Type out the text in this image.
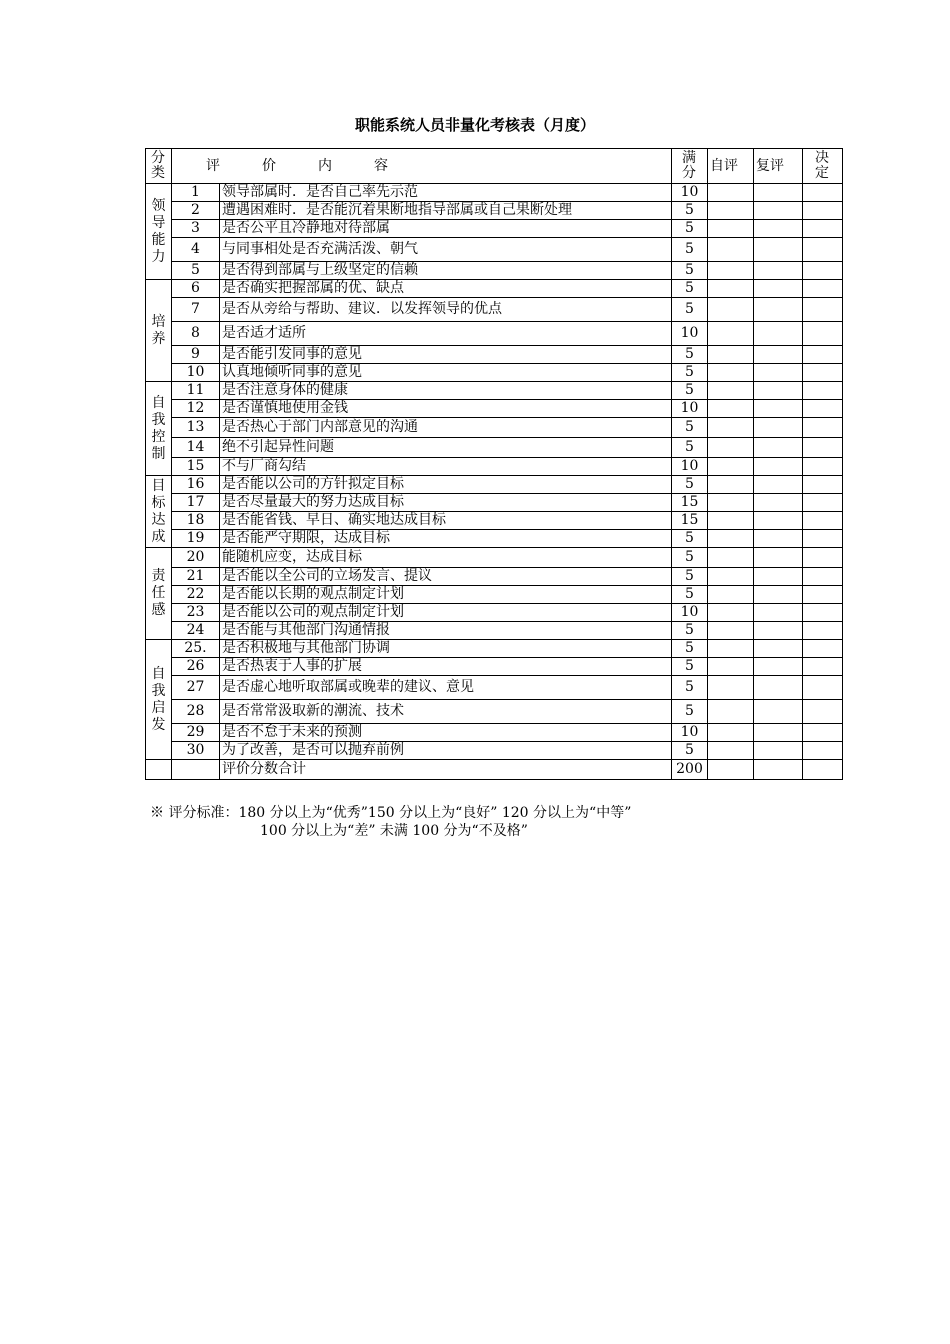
职能系统人员非量化考核表（月度）
分类	评　价　内　容		满分	自评	复评	决定

领导能力	1	领导部属时．是否自己率先示范	10			
	2	遭遇困难时．是否能沉着果断地指导部属或自己果断处理	5			
	3	是否公平且冷静地对待部属	5			
	4	与同事相处是否充满活泼、朝气	5			
	5	是否得到部属与上级坚定的信赖	5			

培养	6	是否确实把握部属的优、缺点	5			
	7	是否从旁给与帮助、建议．以发挥领导的优点	5			
	8	是否适才适所	10			
	9	是否能引发同事的意见	5			
	10	认真地倾听同事的意见	5			

自我控制	11	是否注意身体的健康	5			
	12	是否谨慎地使用金钱	10			
	13	是否热心于部门内部意见的沟通	5			
	14	绝不引起异性问题	5			
	15	不与厂商勾结	10			

目标达成	16	是否能以公司的方针拟定目标	5			
	17	是否尽量最大的努力达成目标	15			
	18	是否能省钱、早日、确实地达成目标	15			
	19	是否能严守期限，达成目标	5			

责任感	20	能随机应变，达成目标	5			
	21	是否能以全公司的立场发言、提议	5			
	22	是否能以长期的观点制定计划	5			
	23	是否能以公司的观点制定计划	10			
	24	是否能与其他部门沟通情报	5			

自我启发	25.	是否积极地与其他部门协调	5			
	26	是否热衷于人事的扩展	5			
	27	是否虚心地听取部属或晚辈的建议、意见	5			
	28	是否常常汲取新的潮流、技术	5			
	29	是否不怠于未来的预测	10			
	30	为了改善，是否可以抛弃前例	5			
		评价分数合计	200			
※ 评分标准：180 分以上为“优秀”150 分以上为“良好” 120 分以上为“中等”
100 分以上为“差” 未满 100 分为“不及格”
